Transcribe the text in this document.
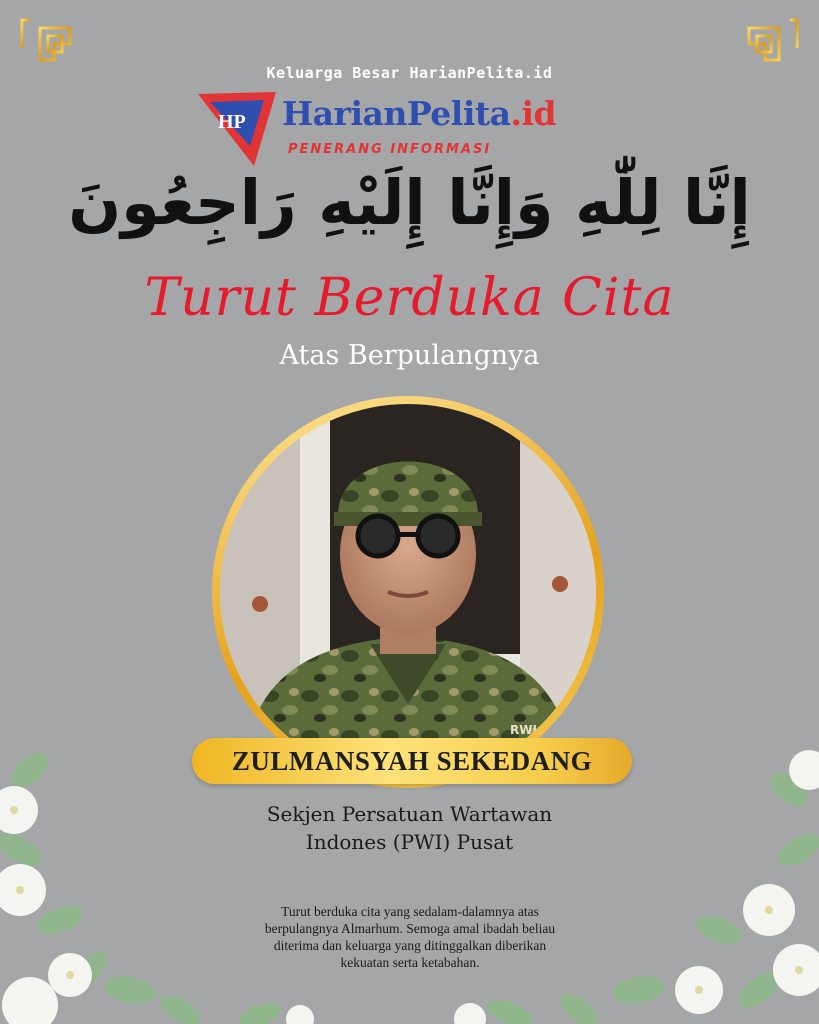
Keluarga Besar HarianPelita.id
HP HarianPelita.id
PENERANG INFORMASI
إِنَّا لِلّٰهِ وَإِنَّا إِلَيْهِ رَاجِعُونَ
Turut Berduka Cita
Atas Berpulangnya
RWI
ZULMANSYAH SEKEDANG
Sekjen Persatuan Wartawan
Indones (PWI) Pusat
Turut berduka cita yang sedalam-dalamnya atas
berpulangnya Almarhum. Semoga amal ibadah beliau
diterima dan keluarga yang ditinggalkan diberikan
kekuatan serta ketabahan.
